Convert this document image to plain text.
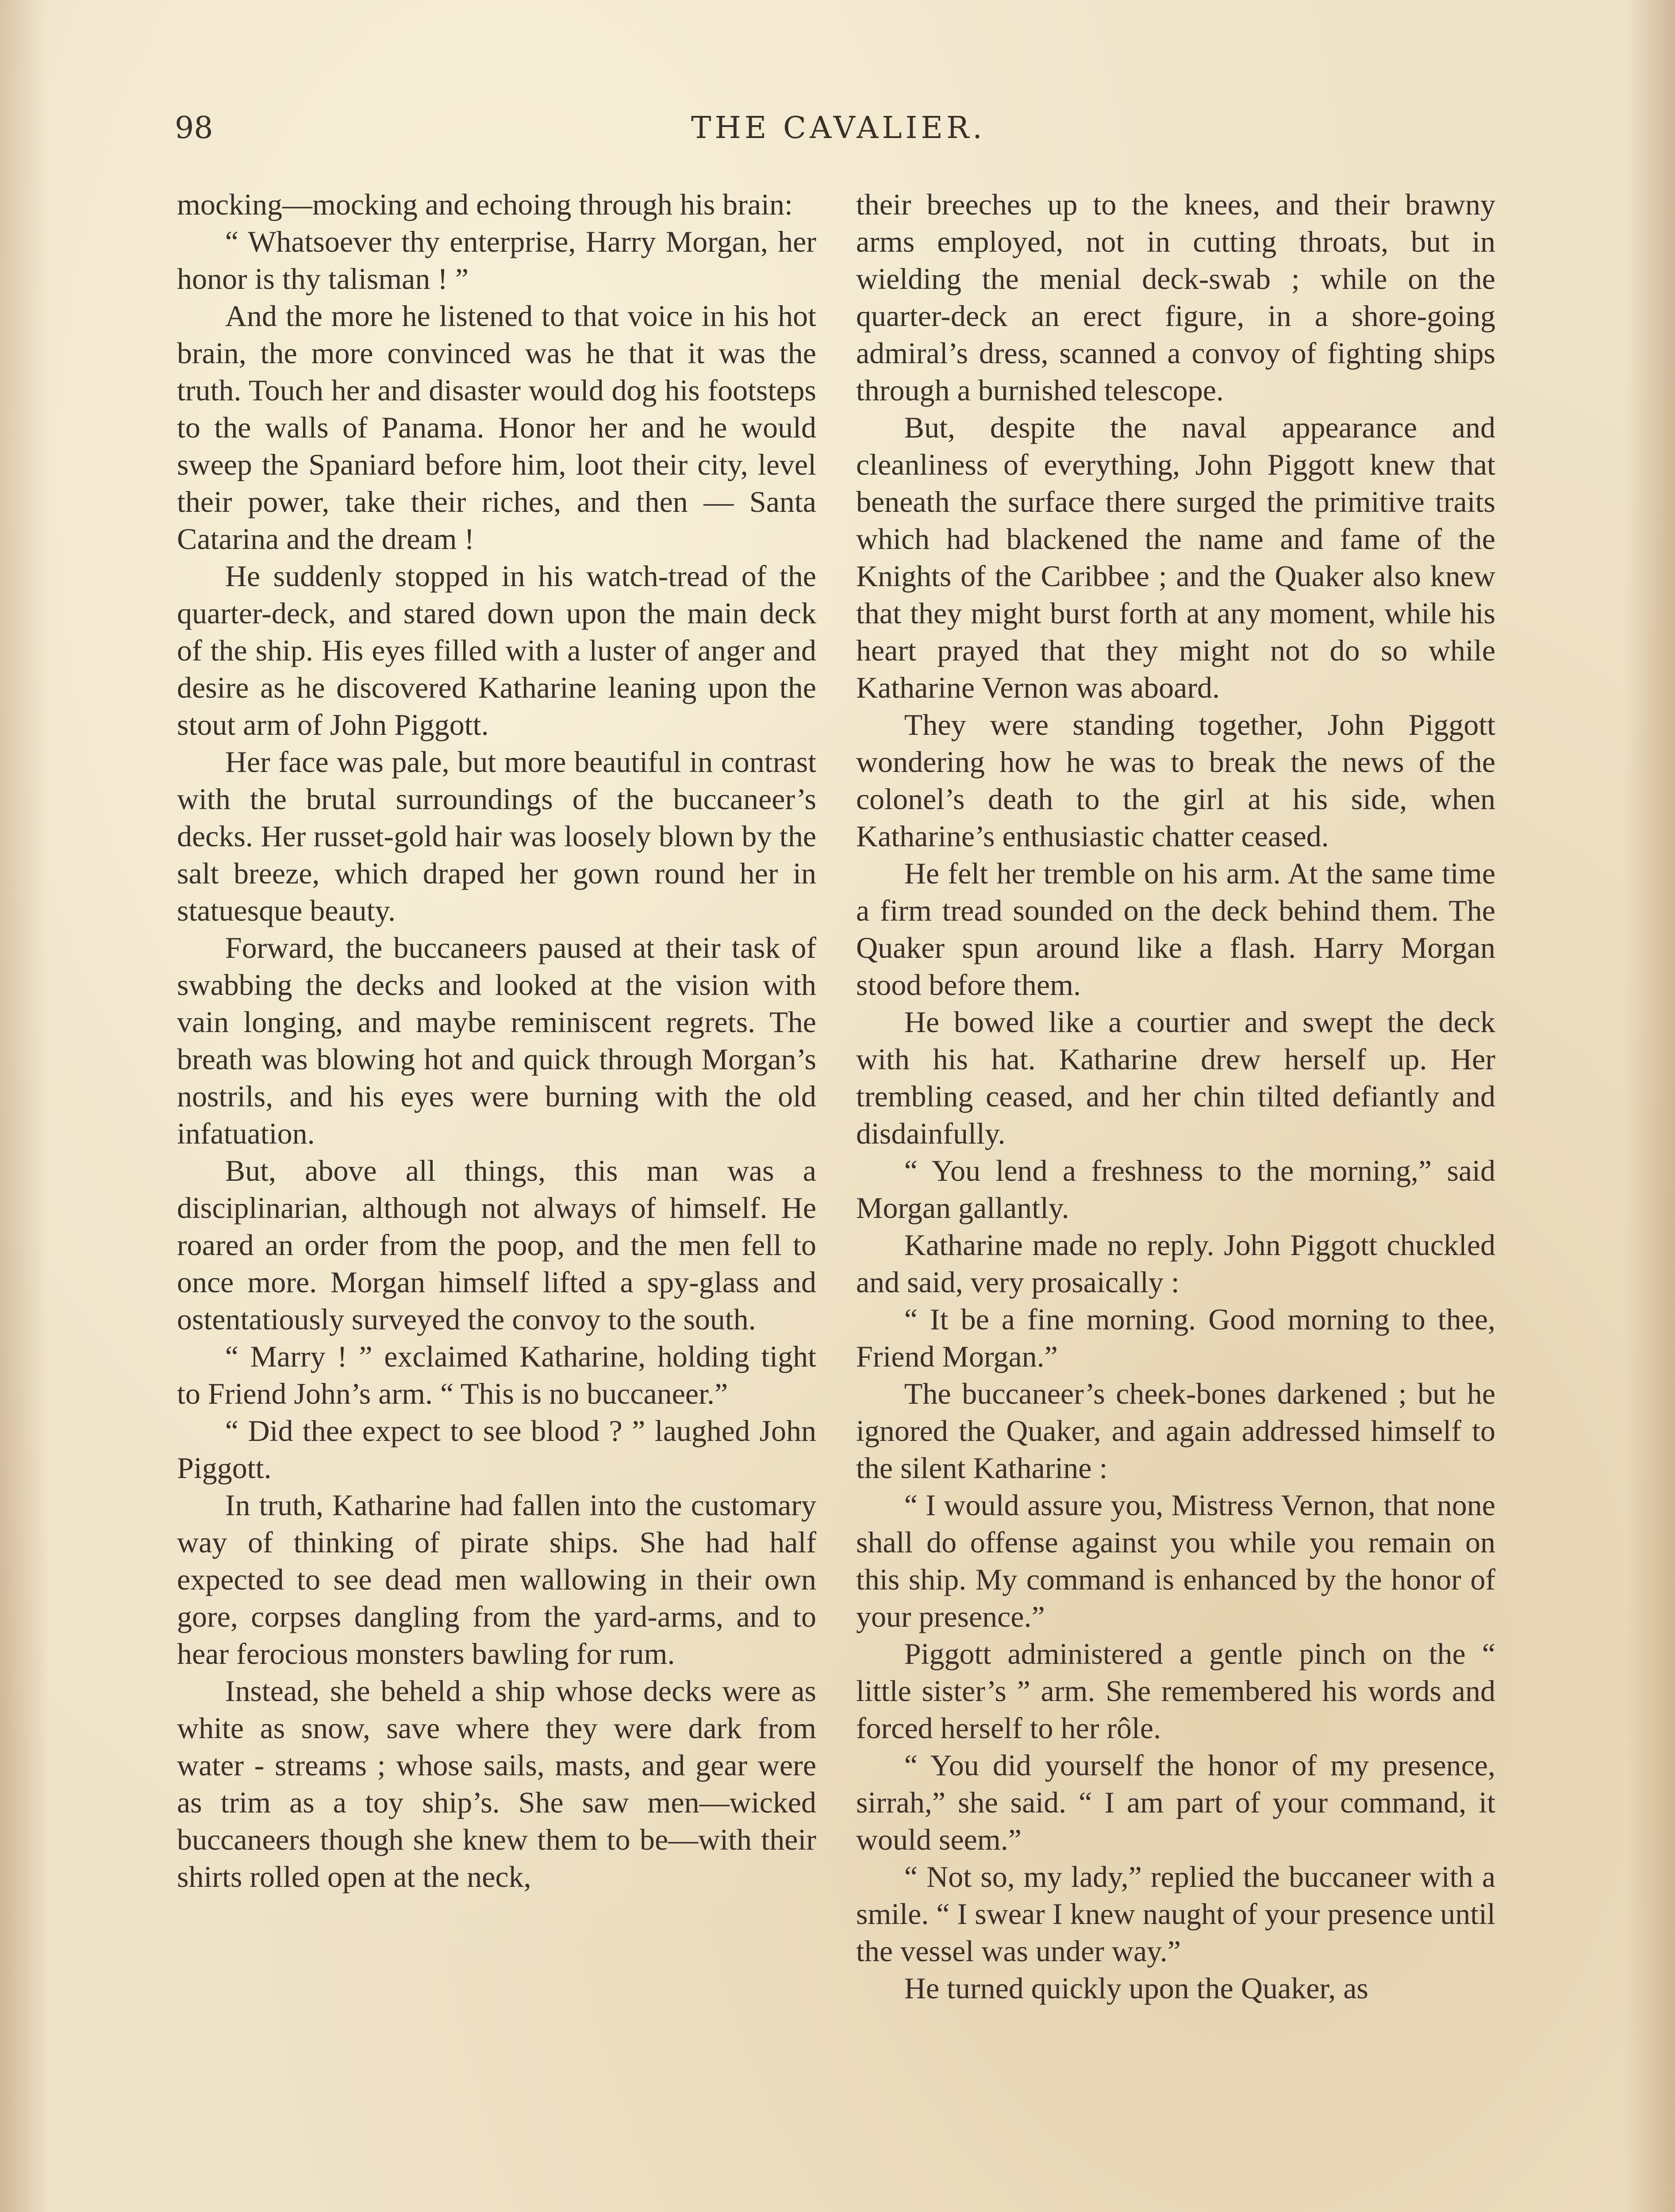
98	THE CAVALIER.

mocking—mocking and echoing through his brain:

“ Whatsoever thy enterprise, Harry Morgan, her honor is thy talisman ! ”

And the more he listened to that voice in his hot brain, the more convinced was he that it was the truth. Touch her and disaster would dog his footsteps to the walls of Panama. Honor her and he would sweep the Spaniard before him, loot their city, level their power, take their riches, and then — Santa Catarina and the dream !

He suddenly stopped in his watch-tread of the quarter-deck, and stared down upon the main deck of the ship. His eyes filled with a luster of anger and desire as he discovered Katharine leaning upon the stout arm of John Piggott.

Her face was pale, but more beautiful in contrast with the brutal surroundings of the buccaneer’s decks. Her russet-gold hair was loosely blown by the salt breeze, which draped her gown round her in statuesque beauty.

Forward, the buccaneers paused at their task of swabbing the decks and looked at the vision with vain longing, and maybe reminiscent regrets. The breath was blowing hot and quick through Morgan’s nostrils, and his eyes were burning with the old infatuation.

But, above all things, this man was a disciplinarian, although not always of himself. He roared an order from the poop, and the men fell to once more. Morgan himself lifted a spy-glass and ostentatiously surveyed the convoy to the south.

“ Marry ! ” exclaimed Katharine, holding tight to Friend John’s arm. “ This is no buccaneer.”

“ Did thee expect to see blood ? ” laughed John Piggott.

In truth, Katharine had fallen into the customary way of thinking of pirate ships. She had half expected to see dead men wallowing in their own gore, corpses dangling from the yard-arms, and to hear ferocious monsters bawling for rum.

Instead, she beheld a ship whose decks were as white as snow, save where they were dark from water - streams ; whose sails, masts, and gear were as trim as a toy ship’s. She saw men—wicked buccaneers though she knew them to be—with their shirts rolled open at the neck,

their breeches up to the knees, and their brawny arms employed, not in cutting throats, but in wielding the menial deck-swab ; while on the quarter-deck an erect figure, in a shore-going admiral’s dress, scanned a convoy of fighting ships through a burnished telescope.

But, despite the naval appearance and cleanliness of everything, John Piggott knew that beneath the surface there surged the primitive traits which had blackened the name and fame of the Knights of the Caribbee ; and the Quaker also knew that they might burst forth at any moment, while his heart prayed that they might not do so while Katharine Vernon was aboard.

They were standing together, John Piggott wondering how he was to break the news of the colonel’s death to the girl at his side, when Katharine’s enthusiastic chatter ceased.

He felt her tremble on his arm. At the same time a firm tread sounded on the deck behind them. The Quaker spun around like a flash. Harry Morgan stood before them.

He bowed like a courtier and swept the deck with his hat. Katharine drew herself up. Her trembling ceased, and her chin tilted defiantly and disdainfully.

“ You lend a freshness to the morning,” said Morgan gallantly.

Katharine made no reply. John Piggott chuckled and said, very prosaically :

“ It be a fine morning. Good morning to thee, Friend Morgan.”

The buccaneer’s cheek-bones darkened ; but he ignored the Quaker, and again addressed himself to the silent Katharine :

“ I would assure you, Mistress Vernon, that none shall do offense against you while you remain on this ship. My command is enhanced by the honor of your presence.”

Piggott administered a gentle pinch on the “ little sister’s ” arm. She remembered his words and forced herself to her rôle.

“ You did yourself the honor of my presence, sirrah,” she said. “ I am part of your command, it would seem.”

“ Not so, my lady,” replied the buccaneer with a smile. “ I swear I knew naught of your presence until the vessel was under way.”

He turned quickly upon the Quaker, as
